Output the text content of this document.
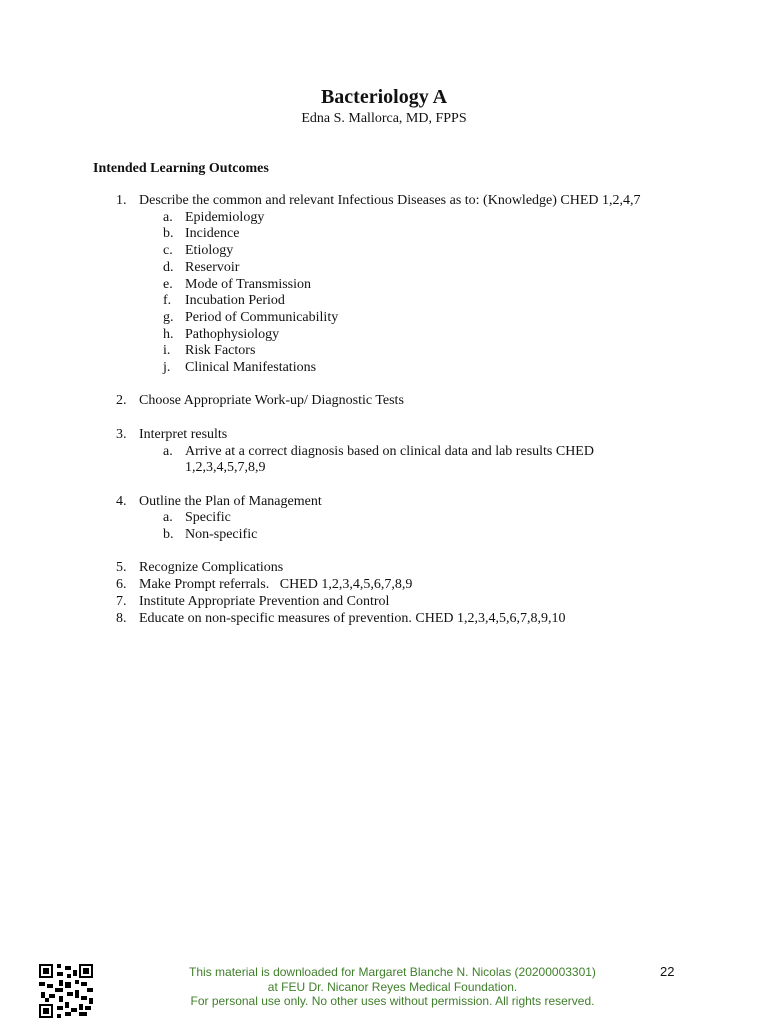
Bacteriology A
Edna S. Mallorca, MD, FPPS
Intended Learning Outcomes
1. Describe the common and relevant Infectious Diseases as to: (Knowledge) CHED 1,2,4,7
a. Epidemiology
b. Incidence
c. Etiology
d. Reservoir
e. Mode of Transmission
f. Incubation Period
g. Period of Communicability
h. Pathophysiology
i. Risk Factors
j. Clinical Manifestations
2. Choose Appropriate Work-up/ Diagnostic Tests
3. Interpret results
a. Arrive at a correct diagnosis based on clinical data and lab results CHED 1,2,3,4,5,7,8,9
4. Outline the Plan of Management
a. Specific
b. Non-specific
5. Recognize Complications
6. Make Prompt referrals.   CHED 1,2,3,4,5,6,7,8,9
7. Institute Appropriate Prevention and Control
8. Educate on non-specific measures of prevention. CHED 1,2,3,4,5,6,7,8,9,10
This material is downloaded for Margaret Blanche N. Nicolas (20200003301)
at FEU Dr. Nicanor Reyes Medical Foundation.
For personal use only. No other uses without permission. All rights reserved.
22
